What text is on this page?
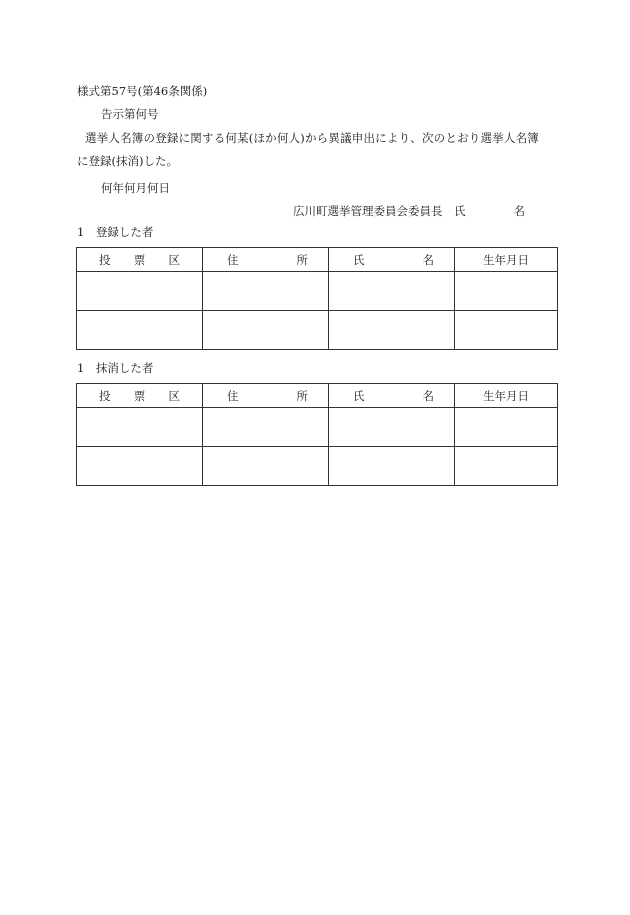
様式第57号(第46条関係)
告示第何号
選挙人名簿の登録に関する何某(ほか何人)から異議申出により、次のとおり選挙人名簿
に登録(抹消)した。
何年何月何日
広川町選挙管理委員会委員長　 氏	名
1　登録した者
投 票 区	住 所	氏 名	生年月日

1　抹消した者
投 票 区	住 所	氏 名	生年月日
